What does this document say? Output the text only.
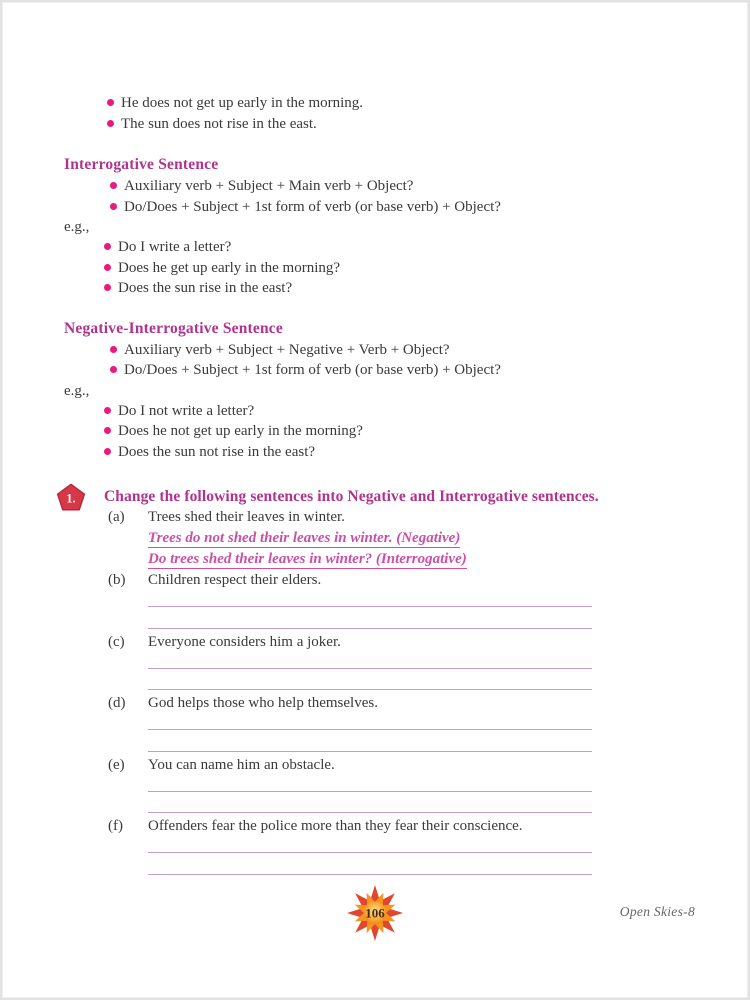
He does not get up early in the morning.
The sun does not rise in the east.
Interrogative Sentence
Auxiliary verb + Subject + Main verb + Object?
Do/Does + Subject + 1st form of verb (or base verb) + Object?
e.g.,
Do I write a letter?
Does he get up early in the morning?
Does the sun rise in the east?
Negative-Interrogative Sentence
Auxiliary verb + Subject + Negative + Verb + Object?
Do/Does + Subject + 1st form of verb (or base verb) + Object?
e.g.,
Do I not write a letter?
Does he not get up early in the morning?
Does the sun not rise in the east?
1. Change the following sentences into Negative and Interrogative sentences.
(a)	Trees shed their leaves in winter.
Trees do not shed their leaves in winter. (Negative)
Do trees shed their leaves in winter? (Interrogative)
(b)	Children respect their elders.
(c)	Everyone considers him a joker.
(d)	God helps those who help themselves.
(e)	You can name him an obstacle.
(f)	Offenders fear the police more than they fear their conscience.
106	Open Skies-8
